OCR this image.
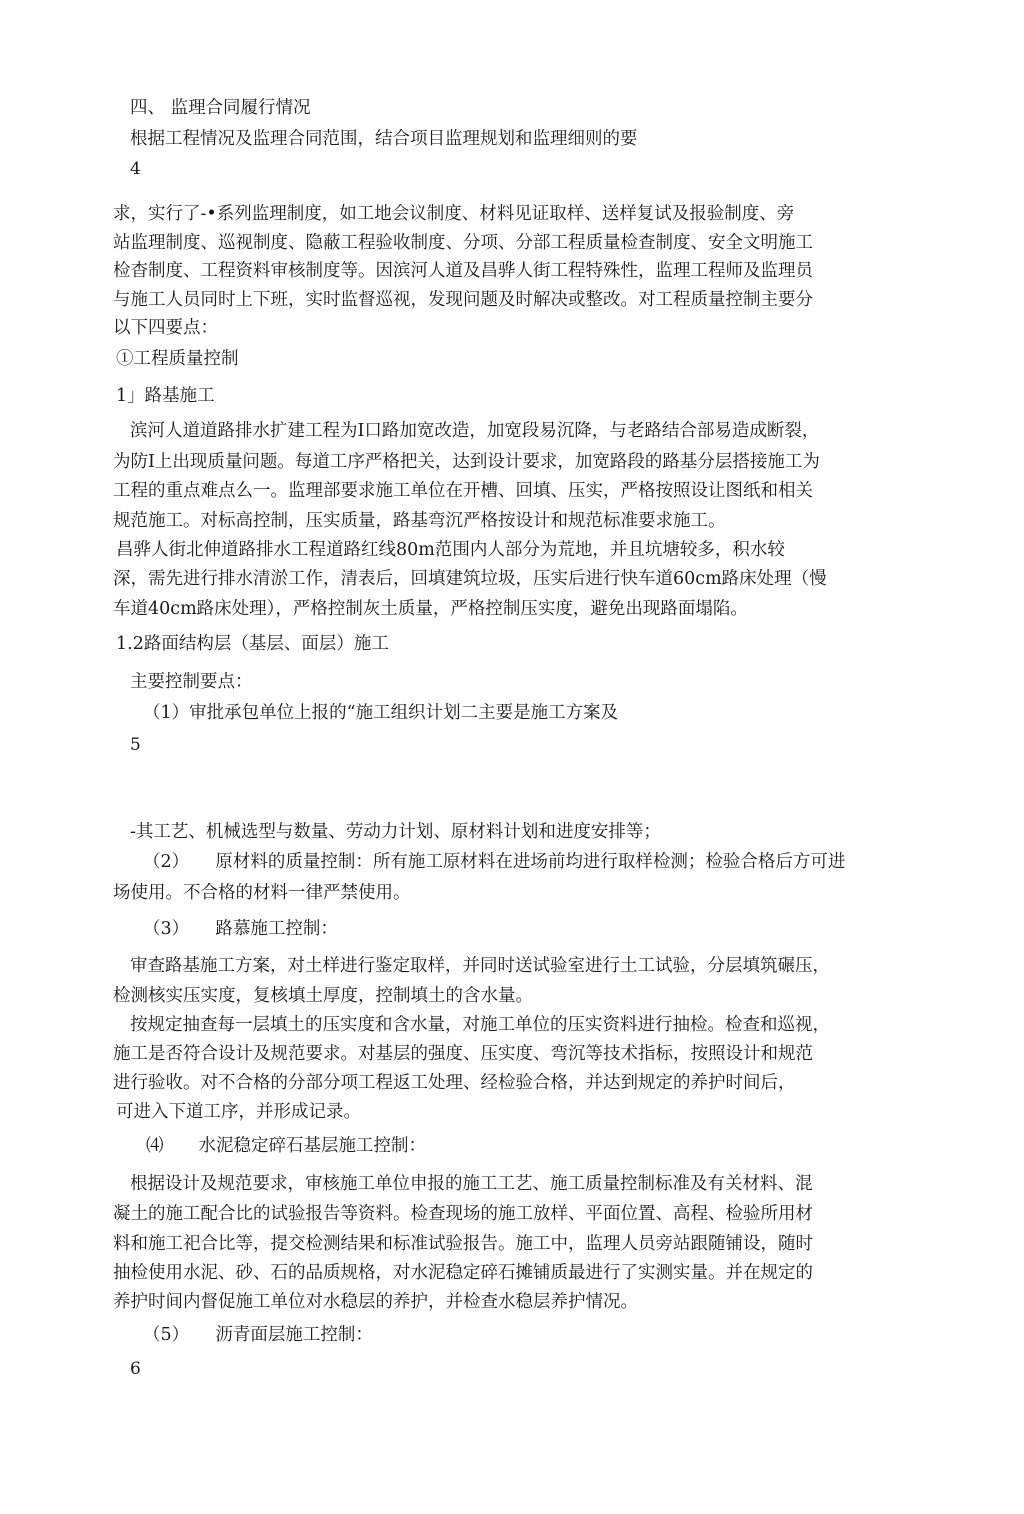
四、 监理合同履行情况
根据工程情况及监理合同范围，结合项目监理规划和监理细则的要
4
求，实行了-•系列监理制度，如工地会议制度、材料见证取样、送样复试及报验制度、旁
站监理制度、巡视制度、隐蔽工程验收制度、分项、分部工程质量检查制度、安全文明施工
检杳制度、工程资料审核制度等。因滨河人道及昌骅人街工程特殊性，监理工程师及监理员
与施工人员同时上下班，实时监督巡视，发现问题及时解决或整改。对工程质量控制主要分
以下四要点：
①工程质量控制
1」路基施工
滨河人道道路排水扩建工程为I口路加宽改造，加宽段易沉降，与老路结合部易造成断裂，
为防I上出现质量问题。每道工序严格把关，达到设计要求，加宽路段的路基分层搭接施工为
工程的重点难点么一。监理部要求施工单位在开槽、回填、压实，严格按照设让图纸和相关
规范施工。对标高控制，压实质量，路基弯沉严格按设计和规范标准要求施工。
昌骅人街北伸道路排水工程道路红线80m范围内人部分为荒地，并且坑塘较多，积水较
深，需先进行排水清淤工作，清表后，回填建筑垃圾，压实后进行快车道60cm路床处理（慢
车道40cm路床处理），严格控制灰土质量，严格控制压实度，避免出现路面塌陷。
1.2路面结构层（基层、面层）施工
主要控制要点：
（1）审批承包单位上报的“施工组织计划二主要是施工方案及
5
-其工艺、机械选型与数量、劳动力计划、原材料计划和进度安排等；
（2）　　原材料的质量控制：所有施工原材料在进场前均进行取样检测；检验合格后方可进
场使用。不合格的材料一律严禁使用。
（3）　　路慕施工控制：
审查路基施工方案，对土样进行鉴定取样，并同时送试验室进行土工试验，分层填筑碾压，
检测核实压实度，复核填土厚度，控制填土的含水量。
按规定抽查每一层填土的压实度和含水量，对施工单位的压实资料进行抽检。检查和巡视，
施工是否符合设计及规范要求。对基层的强度、压实度、弯沉等技术指标，按照设计和规范
进行验收。对不合格的分部分项工程返工处理、经检验合格，并达到规定的养护时间后，
可进入下道工序，并形成记录。
⑷　　水泥稳定碎石基层施工控制：
根据设计及规范要求，审核施工单位申报的施工工艺、施工质量控制标准及有关材料、混
凝土的施工配合比的试验报告等资料。检查现场的施工放样、平面位置、高程、检验所用材
料和施工祀合比等，提交检测结果和标准试验报告。施工中，监理人员旁站跟随铺设，随时
抽检使用水泥、砂、石的品质规格，对水泥稳定碎石摊铺质最进行了实测实量。并在规定的
养护时间内督促施工单位对水稳层的养护，并检查水稳层养护情况。
（5）　　沥青面层施工控制：
6
